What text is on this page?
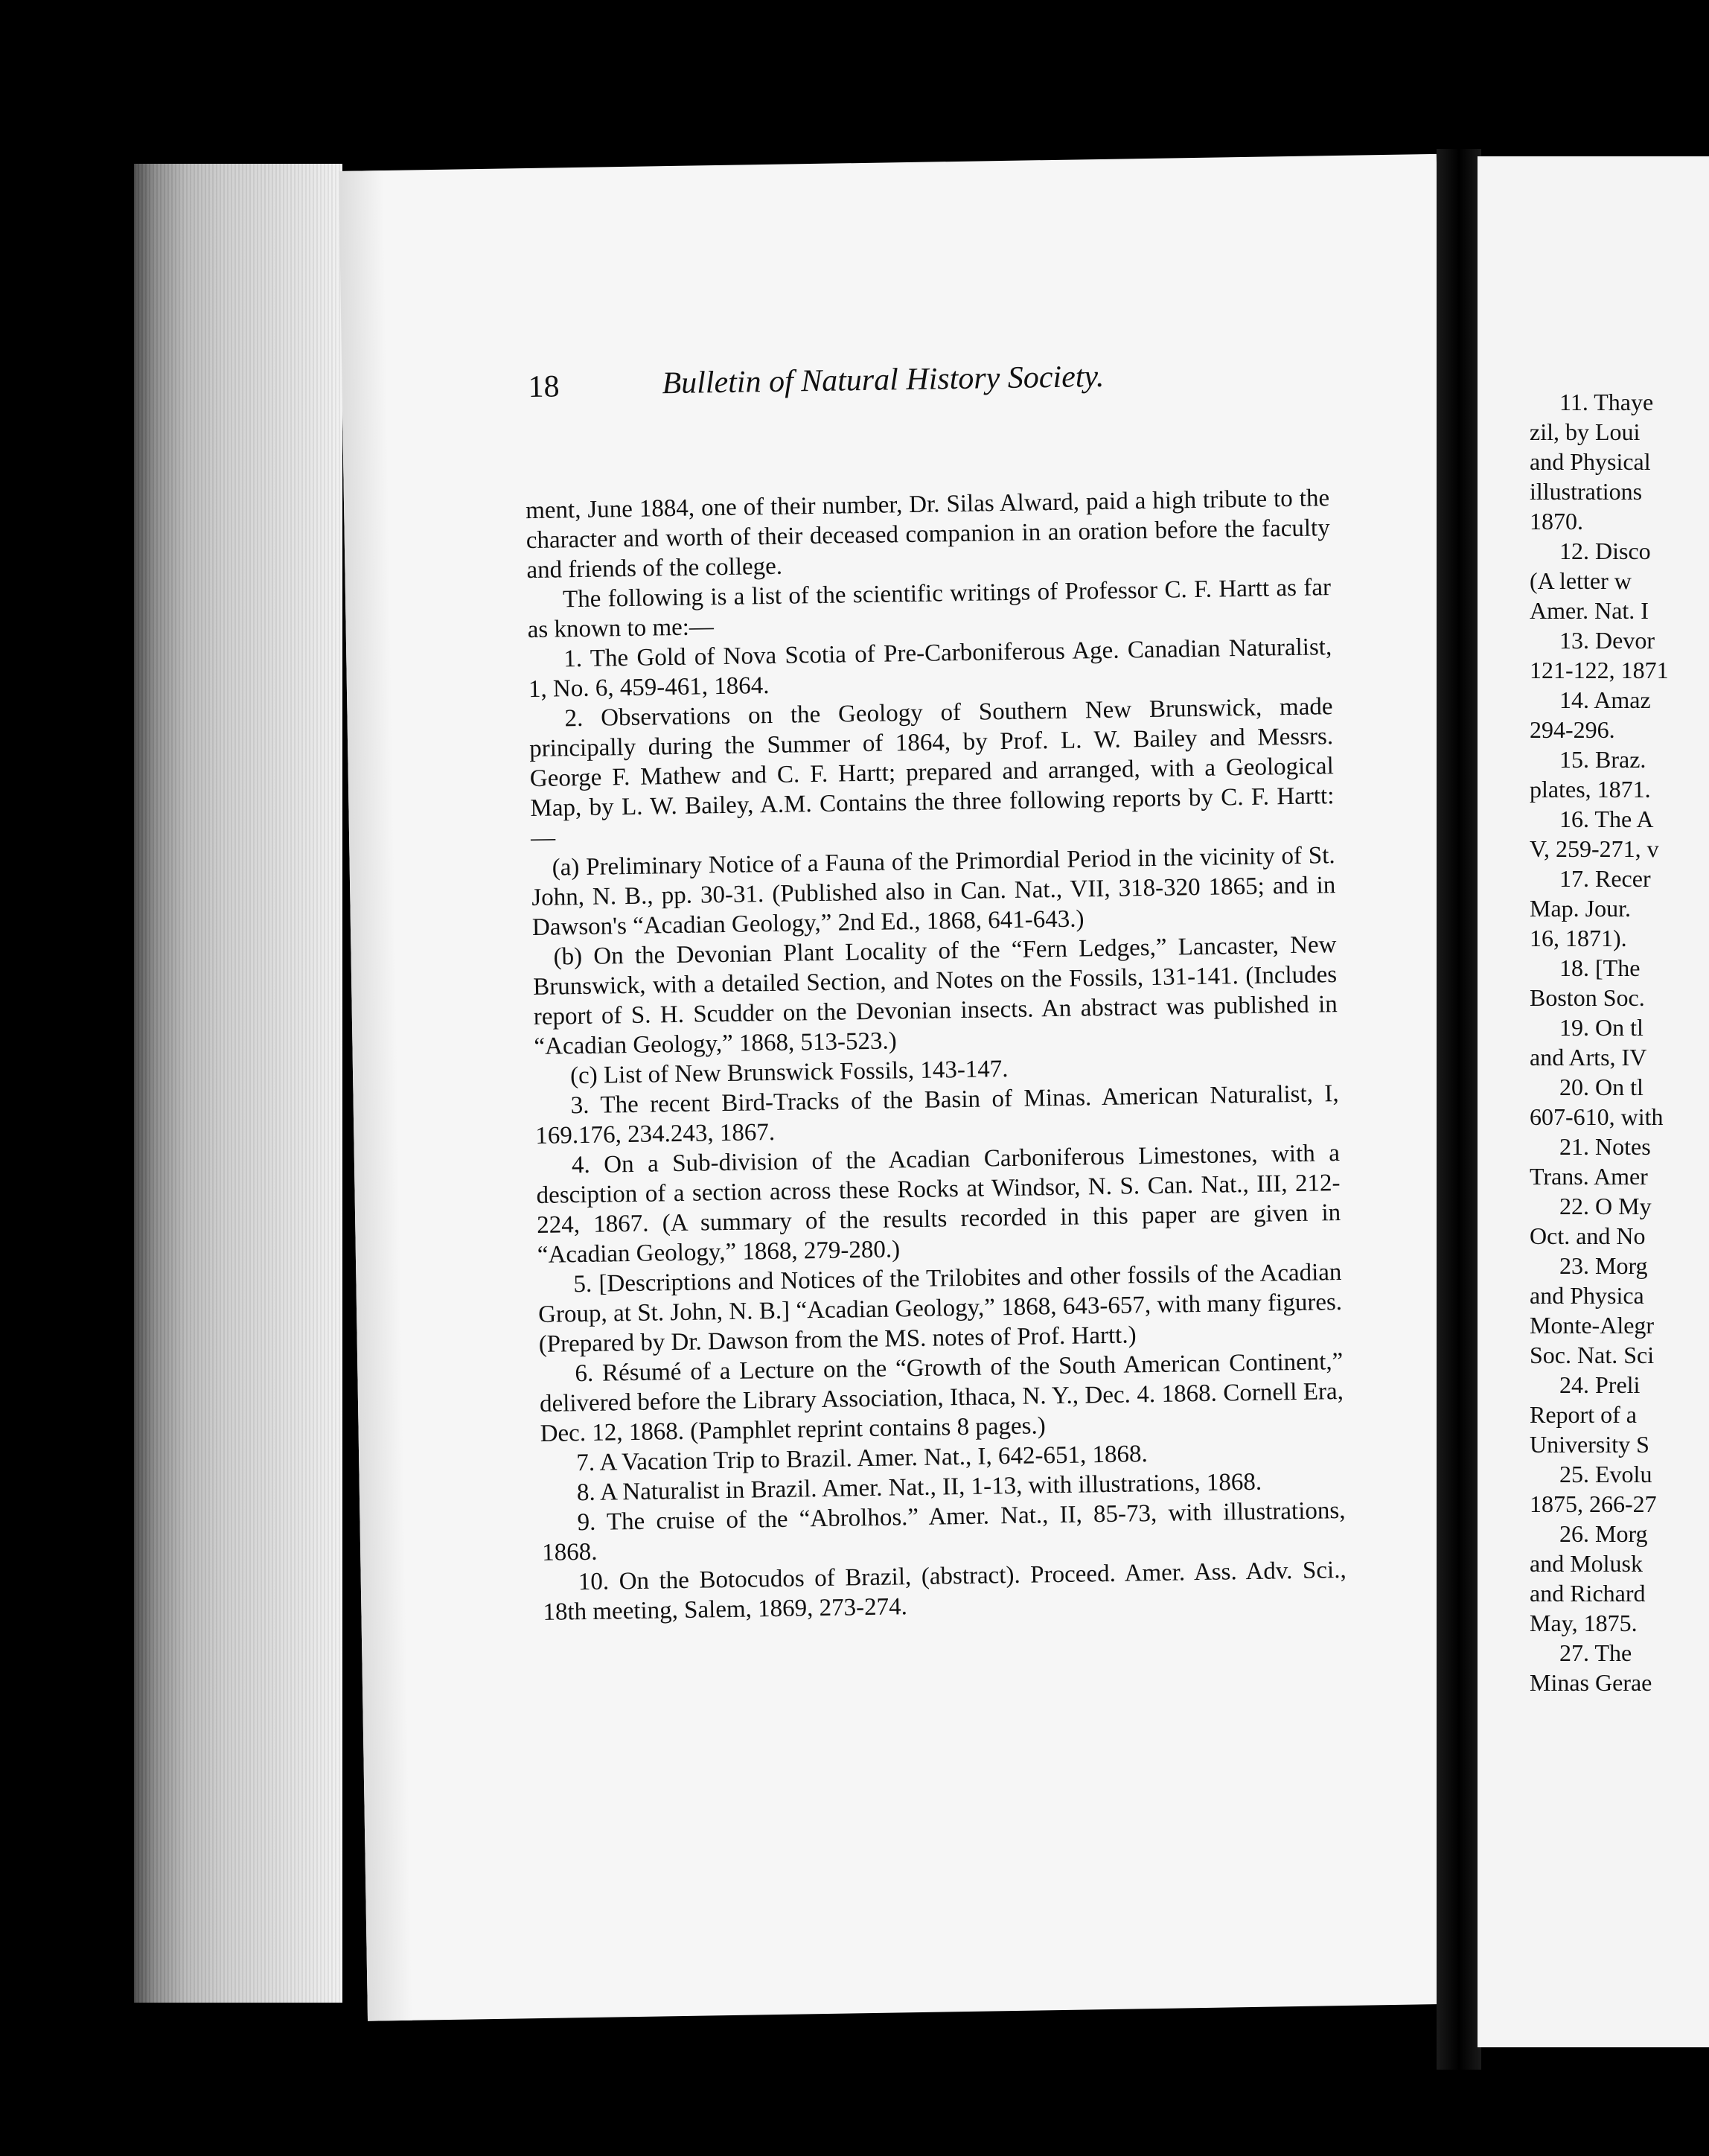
18	Bulletin of Natural History Society.

ment, June 1884, one of their number, Dr. Silas Alward, paid a high tribute to the character and worth of their deceased companion in an oration before the faculty and friends of the college.

The following is a list of the scientific writings of Professor C. F. Hartt as far as known to me:—

1. The Gold of Nova Scotia of Pre-Carboniferous Age. Canadian Naturalist, 1, No. 6, 459-461, 1864.

2. Observations on the Geology of Southern New Brunswick, made principally during the Summer of 1864, by Prof. L. W. Bailey and Messrs. George F. Mathew and C. F. Hartt; prepared and arranged, with a Geological Map, by L. W. Bailey, A.M. Contains the three following reports by C. F. Hartt:—

(a) Preliminary Notice of a Fauna of the Primordial Period in the vicinity of St. John, N. B., pp. 30-31. (Published also in Can. Nat., VII, 318-320 1865; and in Dawson's “Acadian Geology,” 2nd Ed., 1868, 641-643.)

(b) On the Devonian Plant Locality of the “Fern Ledges,” Lancaster, New Brunswick, with a detailed Section, and Notes on the Fossils, 131-141. (Includes report of S. H. Scudder on the Devonian insects. An abstract was published in “Acadian Geology,” 1868, 513-523.)

(c) List of New Brunswick Fossils, 143-147.

3. The recent Bird-Tracks of the Basin of Minas. American Naturalist, I, 169.176, 234.243, 1867.

4. On a Sub-division of the Acadian Carboniferous Limestones, with a desciption of a section across these Rocks at Windsor, N. S. Can. Nat., III, 212-224, 1867. (A summary of the results recorded in this paper are given in “Acadian Geology,” 1868, 279-280.)

5. [Descriptions and Notices of the Trilobites and other fossils of the Acadian Group, at St. John, N. B.] “Acadian Geology,” 1868, 643-657, with many figures. (Prepared by Dr. Dawson from the MS. notes of Prof. Hartt.)

6. Résumé of a Lecture on the “Growth of the South American Continent,” delivered before the Library Association, Ithaca, N. Y., Dec. 4. 1868. Cornell Era, Dec. 12, 1868. (Pamphlet reprint contains 8 pages.)

7. A Vacation Trip to Brazil. Amer. Nat., I, 642-651, 1868.

8. A Naturalist in Brazil. Amer. Nat., II, 1-13, with illustrations, 1868.

9. The cruise of the “Abrolhos.” Amer. Nat., II, 85-73, with illustrations, 1868.

10. On the Botocudos of Brazil, (abstract). Proceed. Amer. Ass. Adv. Sci., 18th meeting, Salem, 1869, 273-274.

11. Thaye
zil, by Loui
and Physical
illustrations
1870.
12. Disco
(A letter w
Amer. Nat. I
13. Devor
121-122, 1871
14. Amaz
294-296.
15. Braz.
plates, 1871.
16. The A
V, 259-271, v
17. Recer
Map. Jour.
16, 1871).
18. [The
Boston Soc.
19. On tl
and Arts, IV
20. On tl
607-610, with
21. Notes
Trans. Amer
22. O My
Oct. and No
23. Morg
and Physica
Monte-Alegr
Soc. Nat. Sci
24. Preli
Report of a
University S
25. Evolu
1875, 266-27
26. Morg
and Molusk
and Richard
May, 1875.
27. The
Minas Gerae
